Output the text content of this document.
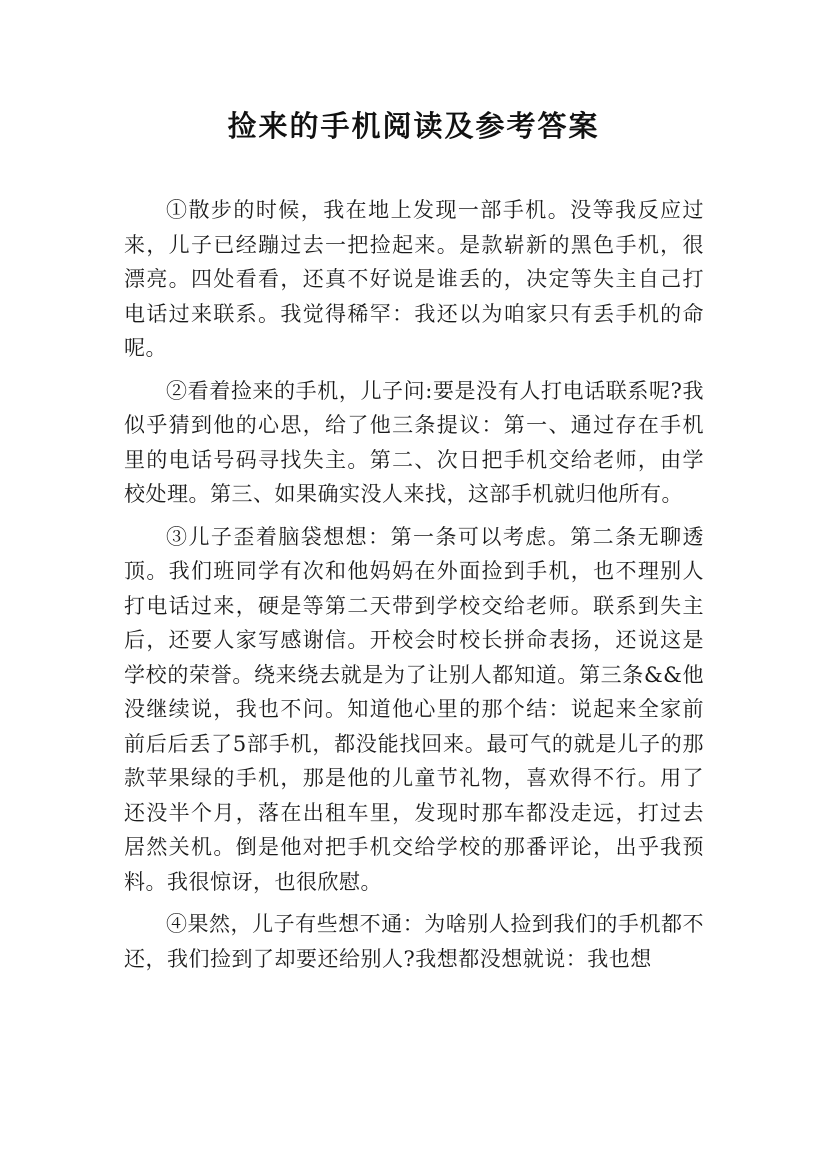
捡来的手机阅读及参考答案

①散步的时候，我在地上发现一部手机。没等我反应过来，儿子已经蹦过去一把捡起来。是款崭新的黑色手机，很漂亮。四处看看，还真不好说是谁丢的，决定等失主自己打电话过来联系。我觉得稀罕：我还以为咱家只有丢手机的命呢。

②看着捡来的手机，儿子问:要是没有人打电话联系呢?我似乎猜到他的心思，给了他三条提议：第一、通过存在手机里的电话号码寻找失主。第二、次日把手机交给老师，由学校处理。第三、如果确实没人来找，这部手机就归他所有。

③儿子歪着脑袋想想：第一条可以考虑。第二条无聊透顶。我们班同学有次和他妈妈在外面捡到手机，也不理别人打电话过来，硬是等第二天带到学校交给老师。联系到失主后，还要人家写感谢信。开校会时校长拼命表扬，还说这是学校的荣誉。绕来绕去就是为了让别人都知道。第三条&&他没继续说，我也不问。知道他心里的那个结：说起来全家前前后后丢了5部手机，都没能找回来。最可气的就是儿子的那款苹果绿的手机，那是他的儿童节礼物，喜欢得不行。用了还没半个月，落在出租车里，发现时那车都没走远，打过去居然关机。倒是他对把手机交给学校的那番评论，出乎我预料。我很惊讶，也很欣慰。

④果然，儿子有些想不通：为啥别人捡到我们的手机都不还，我们捡到了却要还给别人?我想都没想就说：我也想
